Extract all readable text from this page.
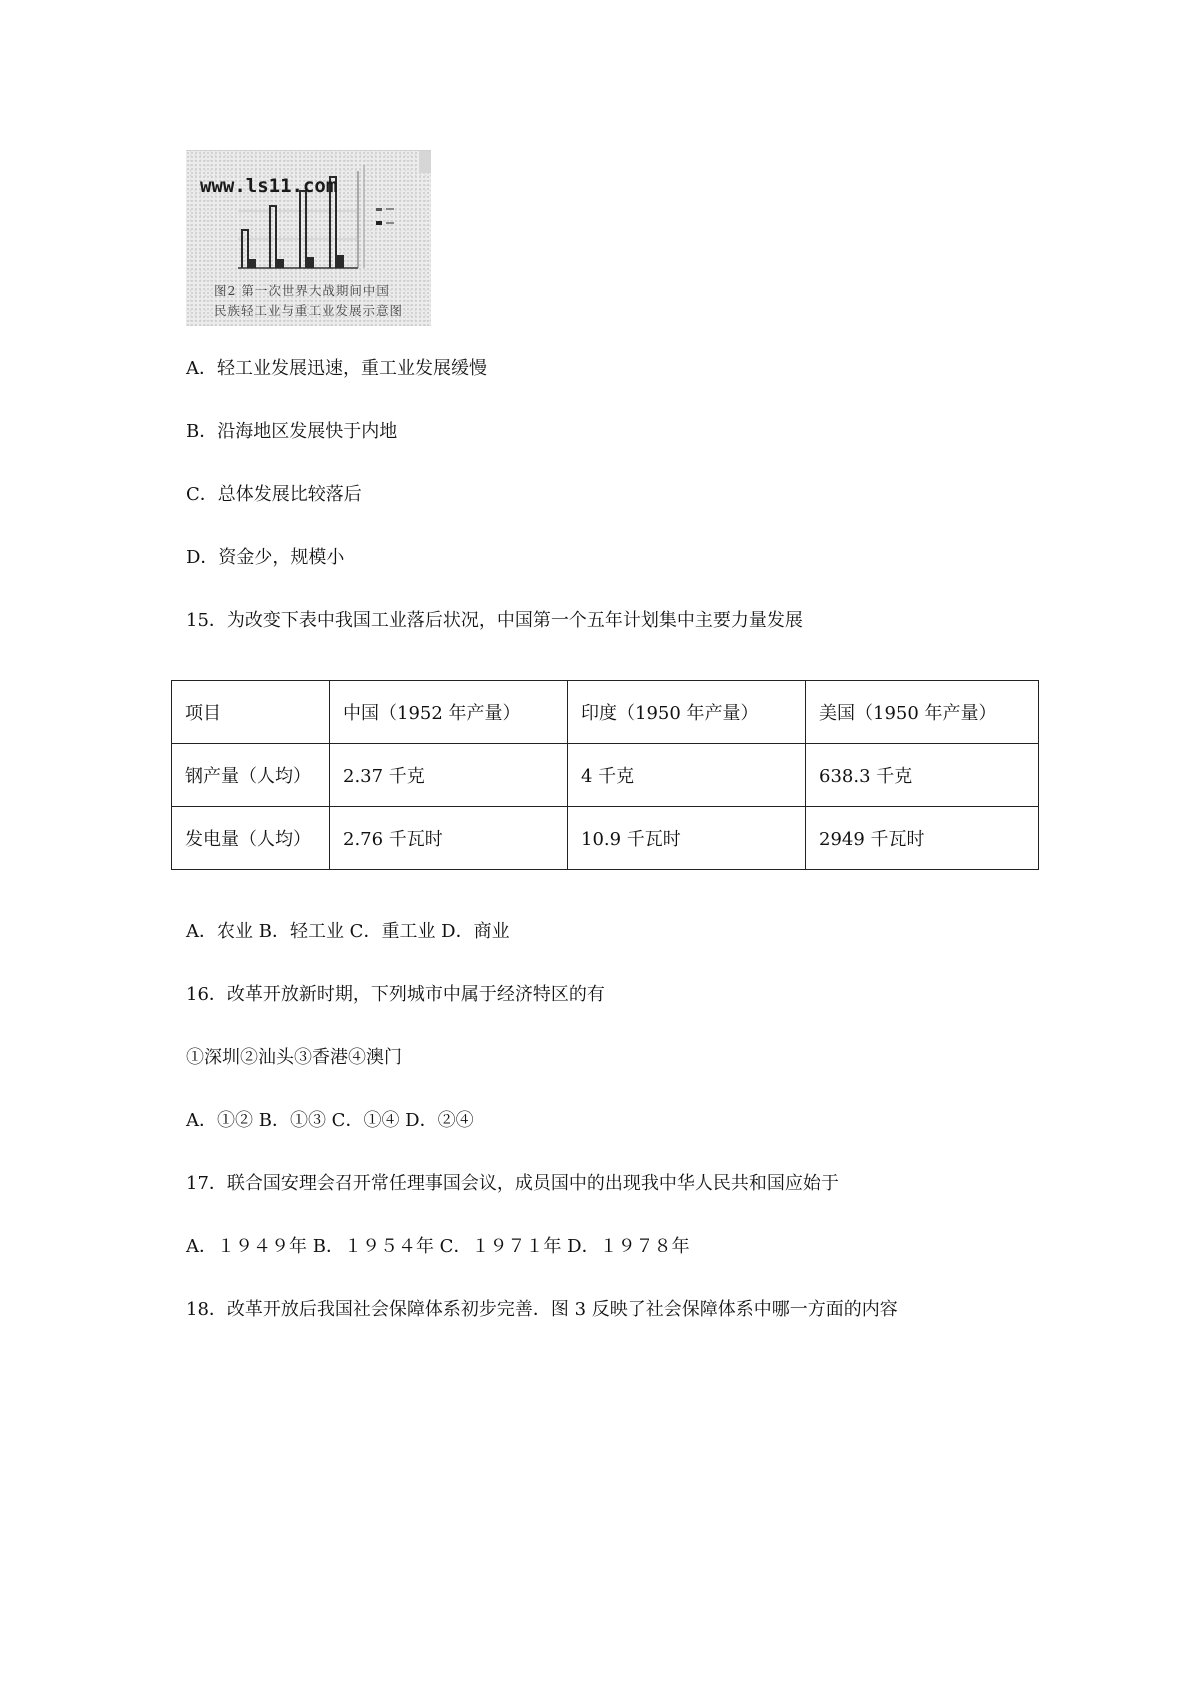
www.ls11.com
图2 第一次世界大战期间中国
民族轻工业与重工业发展示意图
A．轻工业发展迅速，重工业发展缓慢
B．沿海地区发展快于内地
C．总体发展比较落后
D．资金少，规模小
15．为改变下表中我国工业落后状况，中国第一个五年计划集中主要力量发展
项目	中国（1952 年产量）	印度（1950 年产量）	美国（1950 年产量）
钢产量（人均）	2.37 千克	4 千克	638.3 千克
发电量（人均）	2.76 千瓦时	10.9 千瓦时	2949 千瓦时
A．农业 B．轻工业 C．重工业 D．商业
16．改革开放新时期，下列城市中属于经济特区的有
①深圳②汕头③香港④澳门
A．①② B．①③ C．①④ D．②④
17．联合国安理会召开常任理事国会议，成员国中的出现我中华人民共和国应始于
A．１９４９年 B．１９５４年 C．１９７１年 D．１９７８年
18．改革开放后我国社会保障体系初步完善．图 3 反映了社会保障体系中哪一方面的内容
